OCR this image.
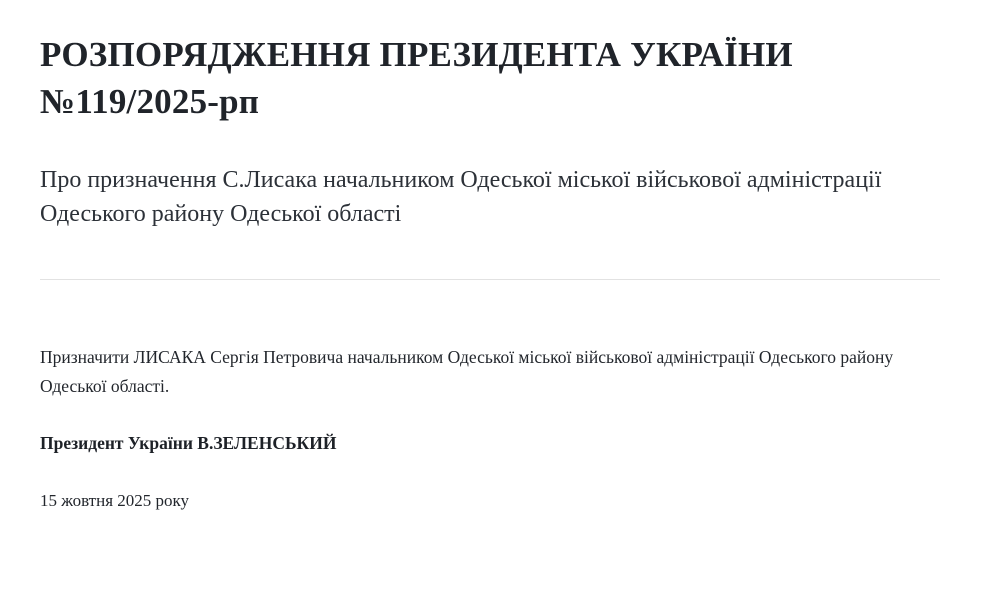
РОЗПОРЯДЖЕННЯ ПРЕЗИДЕНТА УКРАЇНИ №119/2025-рп
Про призначення С.Лисака начальником Одеської міської військової адміністрації Одеського району Одеської області

Призначити ЛИСАКА Сергія Петровича начальником Одеської міської військової адміністрації Одеського району Одеської області.

Президент України В.ЗЕЛЕНСЬКИЙ

15 жовтня 2025 року
